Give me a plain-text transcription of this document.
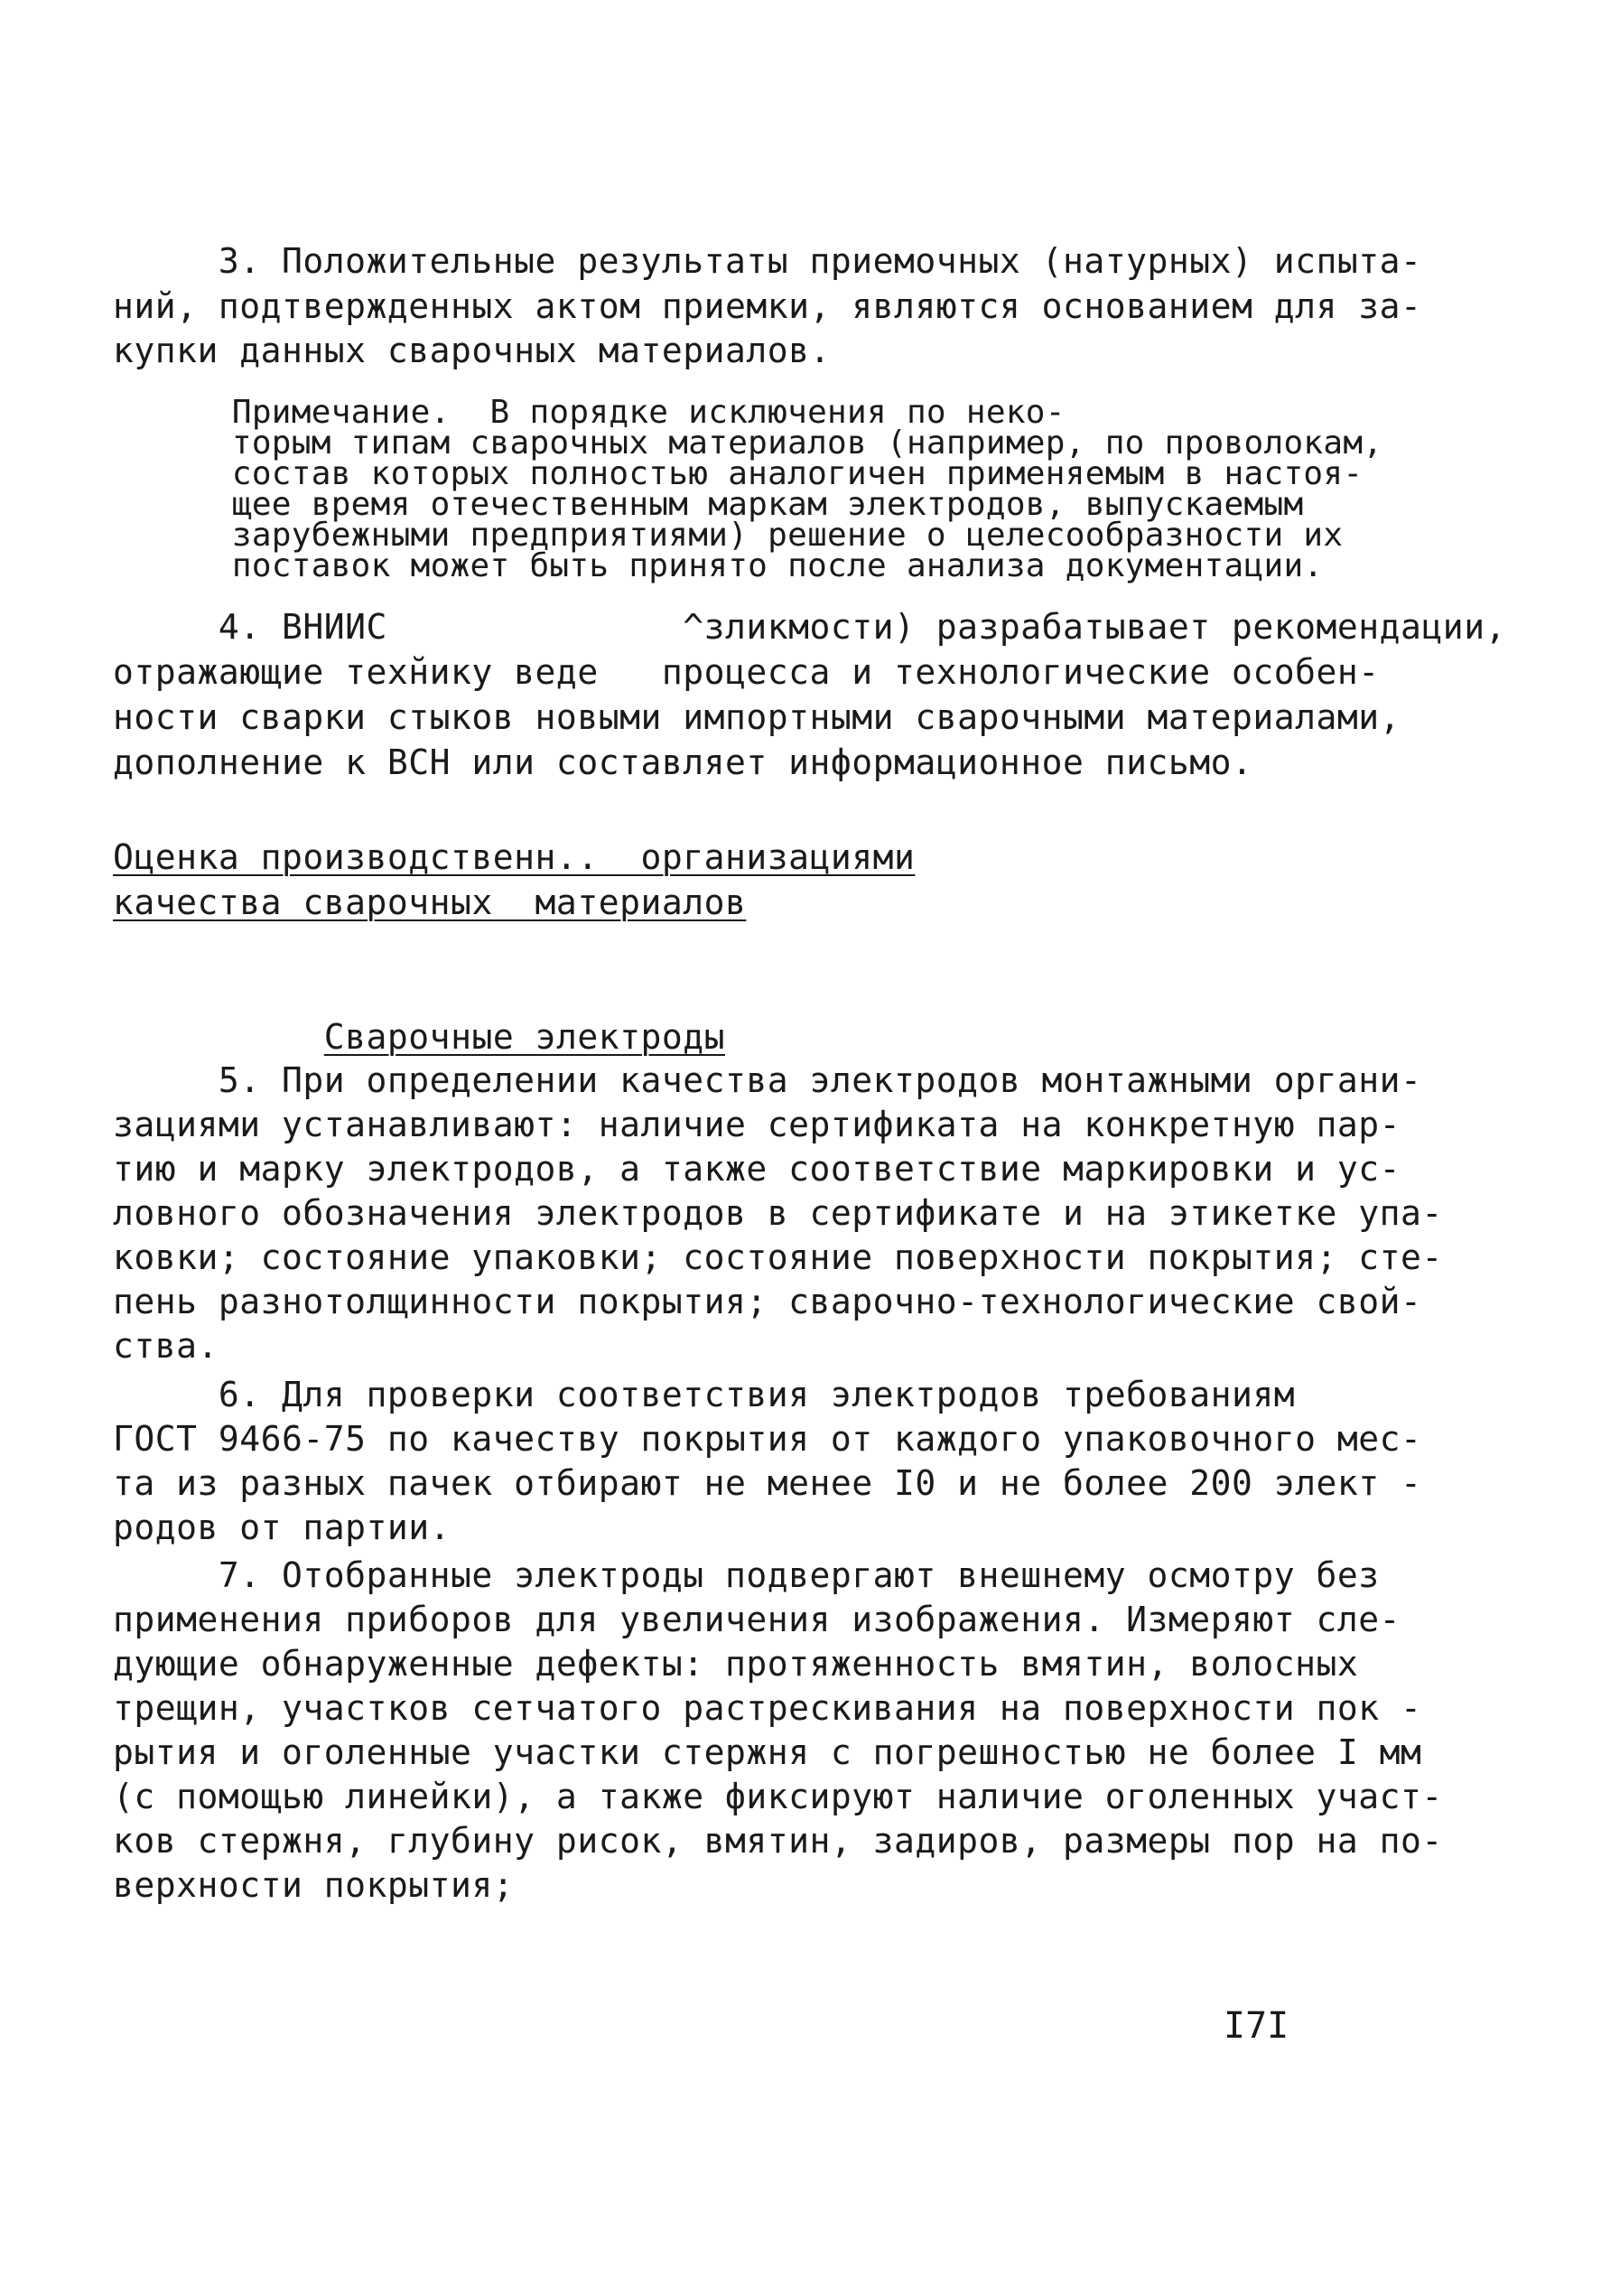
3. Положительные результаты приемочных (натурных) испыта-
ний, подтвержденных актом приемки, являются основанием для за-
купки данных сварочных материалов.
Примечание.  В порядке исключения по неко-
торым типам сварочных материалов (например, по проволокам,
состав которых полностью аналогичен применяемым в настоя-
щее время отечественным маркам электродов, выпускаемым
зарубежными предприятиями) решение о целесообразности их
поставок может быть принято после анализа документации.
4. ВНИИС              ^зликмости) разрабатывает рекомендации,
отражающие техн̆ику веде   процесса и технологические особен-
ности сварки стыков новыми импортными сварочными материалами,
дополнение к ВСН или составляет информационное письмо.
Оценка производственн..  организациями
качества сварочных  материалов

Сварочные электроды

5. При определении качества электродов монтажными органи-
зациями устанавливают: наличие сертификата на конкретную пар-
тию и марку электродов, а также соответствие маркировки и ус-
ловного обозначения электродов в сертификате и на этикетке упа-
ковки; состояние упаковки; состояние поверхности покрытия; сте-
пень разнотолщинности покрытия; сварочно-технологические свой-
ства.
6. Для проверки соответствия электродов требованиям
ГОСТ 9466-75 по качеству покрытия от каждого упаковочного мес-
та из разных пачек отбирают не менее I0 и не более 200 элект -
родов от партии.
7. Отобранные электроды подвергают внешнему осмотру без
применения приборов для увеличения изображения. Измеряют сле-
дующие обнаруженные дефекты: протяженность вмятин, волосных
трещин, участков сетчатого растрескивания на поверхности пок -
рытия и оголенные участки стержня с погрешностью не более I мм
(с помощью линейки), а также фиксируют наличие оголенных участ-
ков стержня, глубину рисок, вмятин, задиров, размеры пор на по-
верхности покрытия;
I7I
